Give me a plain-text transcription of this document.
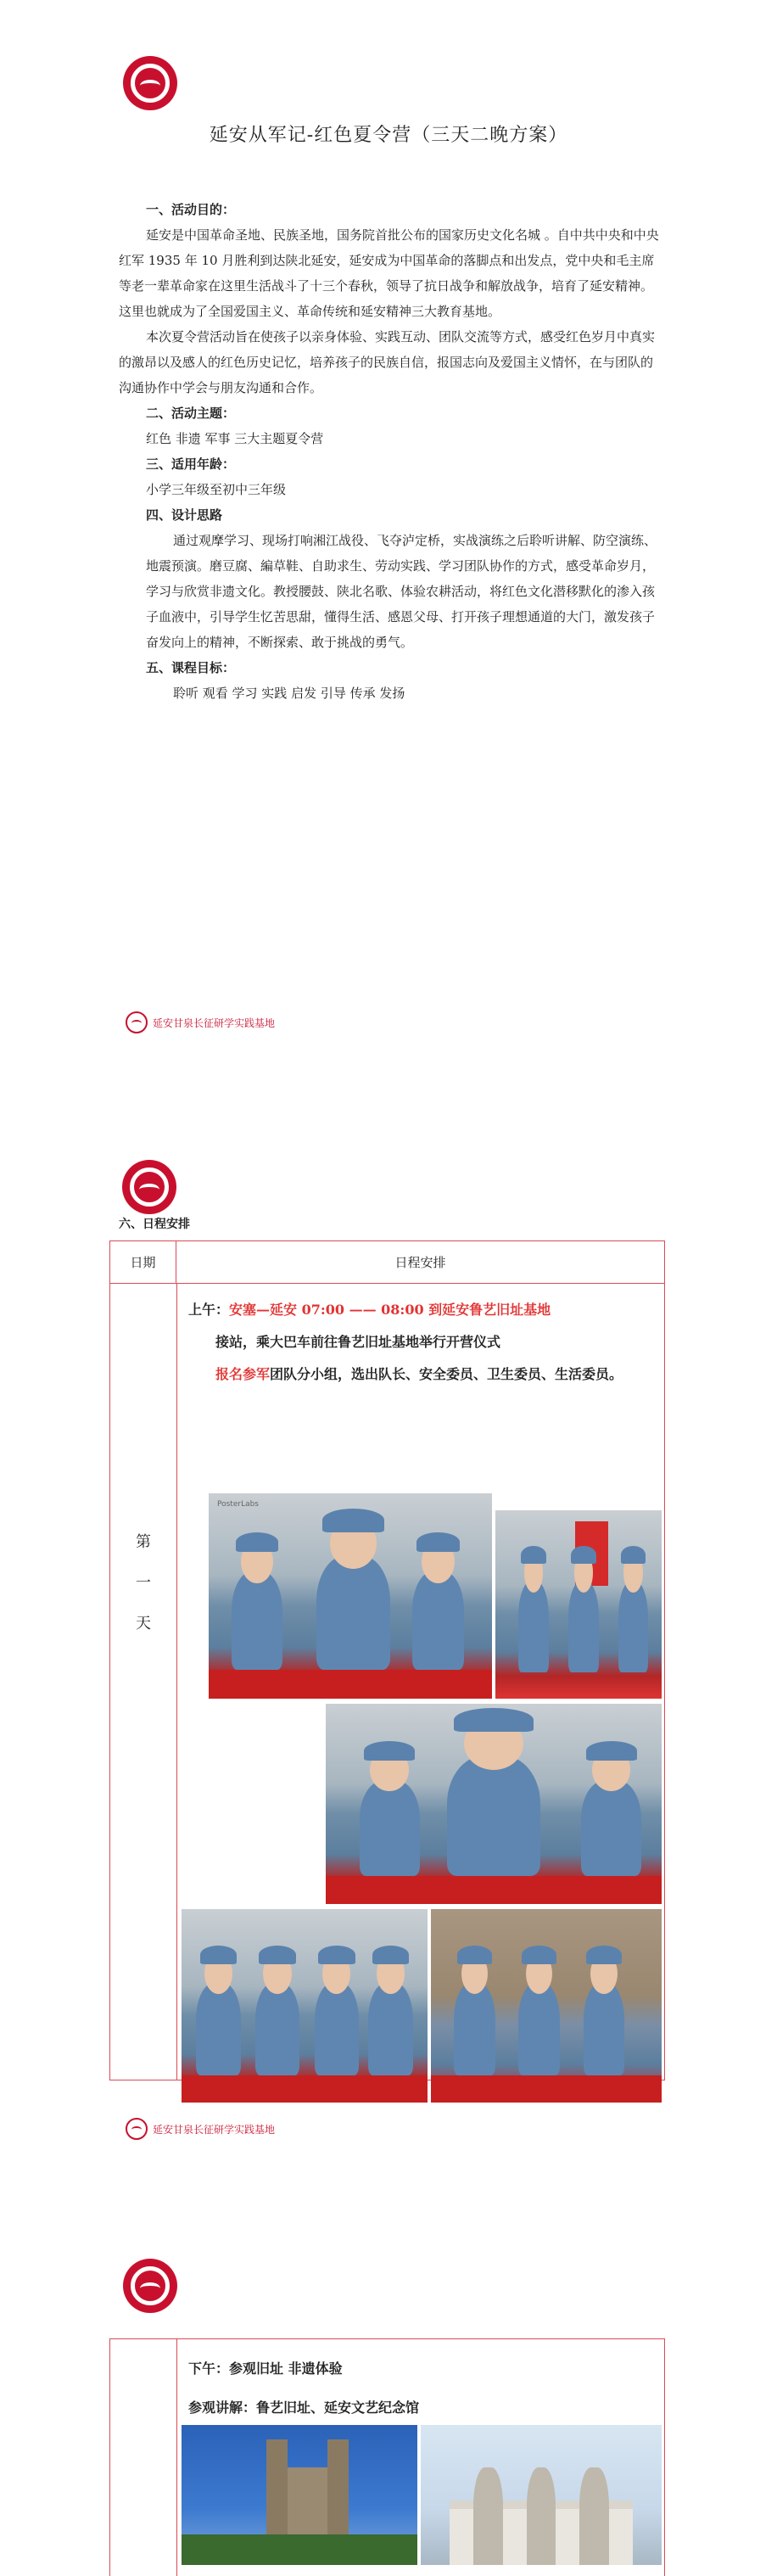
延安从军记-红色夏令营（三天二晚方案）
一、活动目的：
延安是中国革命圣地、民族圣地，国务院首批公布的国家历史文化名城 。自中共中央和中央红军 1935 年 10 月胜利到达陕北延安，延安成为中国革命的落脚点和出发点，党中央和毛主席等老一辈革命家在这里生活战斗了十三个春秋，领导了抗日战争和解放战争，培育了延安精神。这里也就成为了全国爱国主义、革命传统和延安精神三大教育基地。
本次夏令营活动旨在使孩子以亲身体验、实践互动、团队交流等方式，感受红色岁月中真实的激昂以及感人的红色历史记忆，培养孩子的民族自信，报国志向及爱国主义情怀，在与团队的沟通协作中学会与朋友沟通和合作。
二、活动主题：
红色 非遗 军事 三大主题夏令营
三、适用年龄：
小学三年级至初中三年级
四、设计思路
通过观摩学习、现场打响湘江战役、飞夺泸定桥，实战演练之后聆听讲解、防空演练、地震预演。磨豆腐、編草鞋、自助求生、劳动实践、学习团队协作的方式，感受革命岁月，学习与欣赏非遗文化。教授腰鼓、陕北名歌、体验农耕活动，将红色文化潜移默化的渗入孩子血液中，引导学生忆苦思甜，懂得生活、感恩父母、打开孩子理想通道的大门，激发孩子奋发向上的精神，不断探索、敢于挑战的勇气。
五、课程目标：
聆听 观看 学习 实践 启发 引导 传承 发扬
延安甘泉长征研学实践基地
六、日程安排
日期	日程安排
第
一
天
上午：安塞—延安 07:00 —— 08:00 到延安鲁艺旧址基地
接站，乘大巴车前往鲁艺旧址基地举行开营仪式
报名参军团队分小组，选出队长、安全委员、卫生委员、生活委员。
PosterLabs
延安甘泉长征研学实践基地
下午：参观旧址 非遗体验
参观讲解：鲁艺旧址、延安文艺纪念馆
